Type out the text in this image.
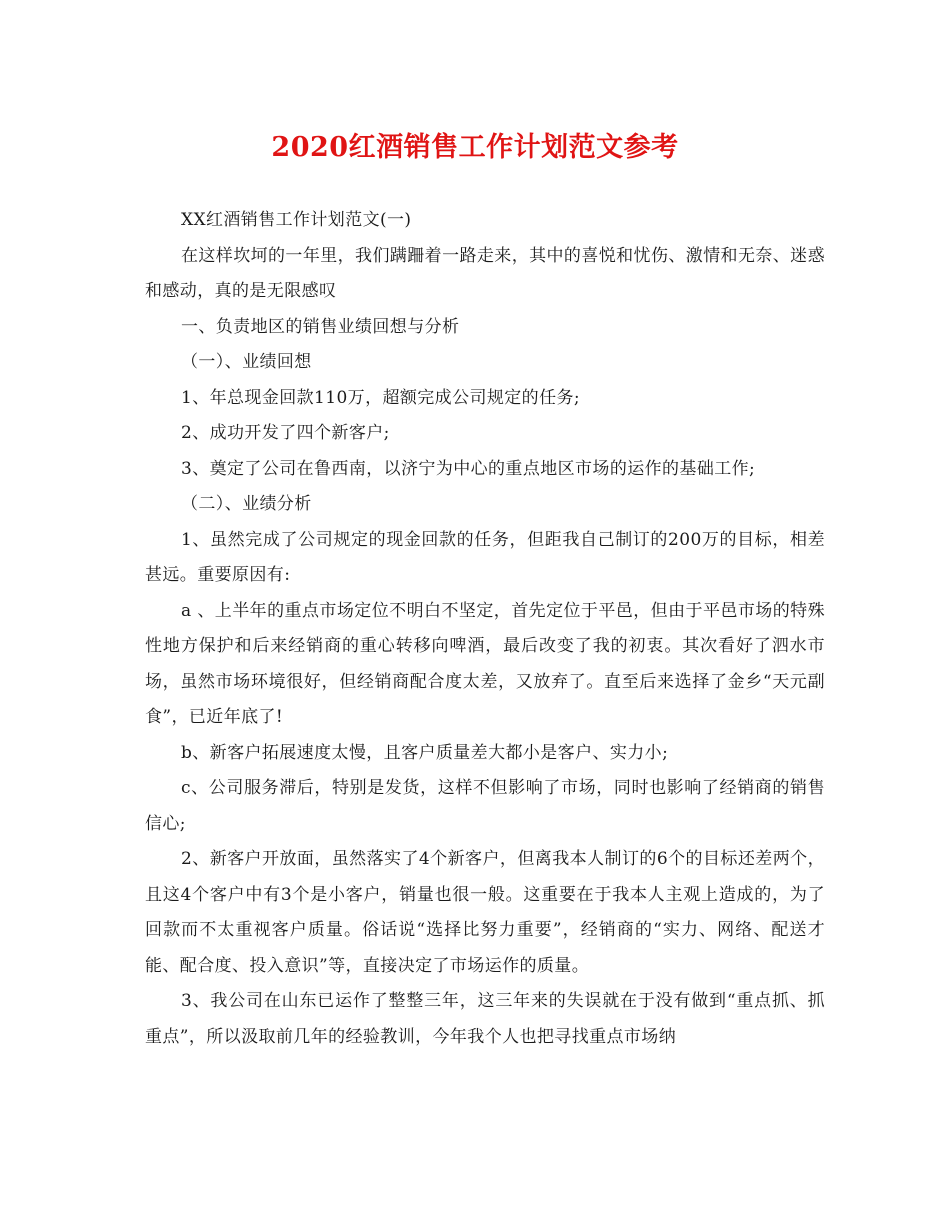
2020红酒销售工作计划范文参考

XX红酒销售工作计划范文(一)

在这样坎坷的一年里，我们蹒跚着一路走来，其中的喜悦和忧伤、激情和无奈、迷惑和感动，真的是无限感叹

一、负责地区的销售业绩回想与分析

（一）、业绩回想

1、年总现金回款110万，超额完成公司规定的任务;

2、成功开发了四个新客户;

3、奠定了公司在鲁西南，以济宁为中心的重点地区市场的运作的基础工作;

（二）、业绩分析

1、虽然完成了公司规定的现金回款的任务，但距我自己制订的200万的目标，相差甚远。重要原因有:

a 、上半年的重点市场定位不明白不坚定，首先定位于平邑，但由于平邑市场的特殊性地方保护和后来经销商的重心转移向啤酒，最后改变了我的初衷。其次看好了泗水市场，虽然市场环境很好，但经销商配合度太差，又放弃了。直至后来选择了金乡“天元副食”，已近年底了!

b、新客户拓展速度太慢，且客户质量差大都小是客户、实力小;

c、公司服务滞后，特别是发货，这样不但影响了市场，同时也影响了经销商的销售信心;

2、新客户开放面，虽然落实了4个新客户，但离我本人制订的6个的目标还差两个，且这4个客户中有3个是小客户，销量也很一般。这重要在于我本人主观上造成的，为了回款而不太重视客户质量。俗话说“选择比努力重要”，经销商的“实力、网络、配送才能、配合度、投入意识”等，直接决定了市场运作的质量。

3、我公司在山东已运作了整整三年，这三年来的失误就在于没有做到“重点抓、抓重点”，所以汲取前几年的经验教训，今年我个人也把寻找重点市场纳
